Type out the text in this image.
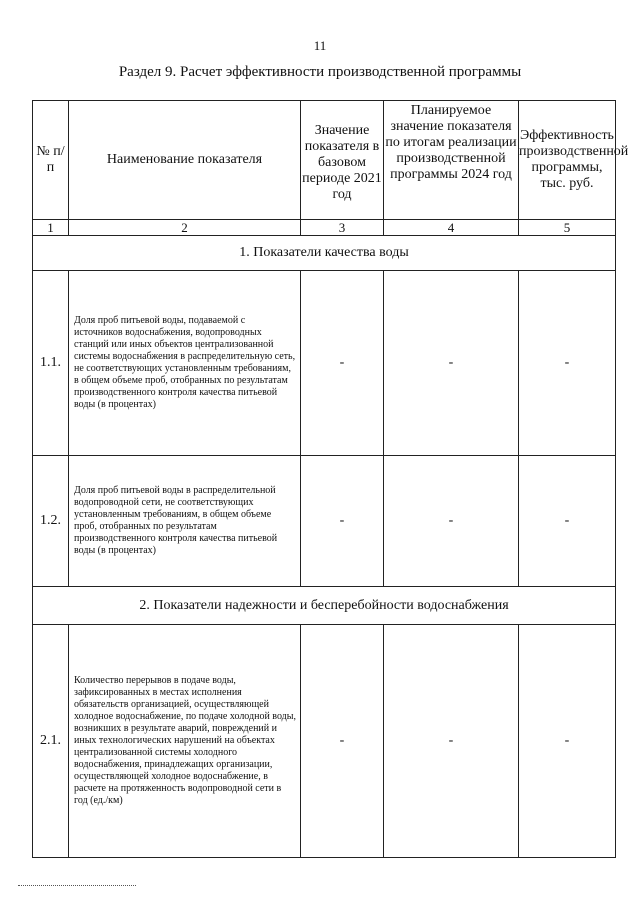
11
Раздел 9. Расчет эффективности производственной программы
№ п/п	Наименование показателя	Значение показателя в базовом периоде 2021 год	Планируемое значение показателя по итогам реализации производственной программы 2024 год	Эффективность производственной программы, тыс. руб.
1	2	3	4	5
1. Показатели качества воды				
1.1.	Доля проб питьевой воды, подаваемой с источников водоснабжения, водопроводных станций или иных объектов централизованной системы водоснабжения в распределительную сеть, не соответствующих установленным требованиям, в общем объеме проб, отобранных по результатам производственного контроля качества питьевой воды (в процентах)	-	-	-
1.2.	Доля проб питьевой воды в распределительной водопроводной сети, не соответствующих установленным требованиям, в общем объеме проб, отобранных по результатам производственного контроля качества питьевой воды (в процентах)	-	-	-
2. Показатели надежности и бесперебойности водоснабжения				
2.1.	Количество перерывов в подаче воды, зафиксированных в местах исполнения обязательств организацией, осуществляющей холодное водоснабжение, по подаче холодной воды, возникших в результате аварий, повреждений и иных технологических нарушений на объектах централизованной системы холодного водоснабжения, принадлежащих организации, осуществляющей холодное водоснабжение, в расчете на протяженность водопроводной сети в год (ед./км)	-	-	-
